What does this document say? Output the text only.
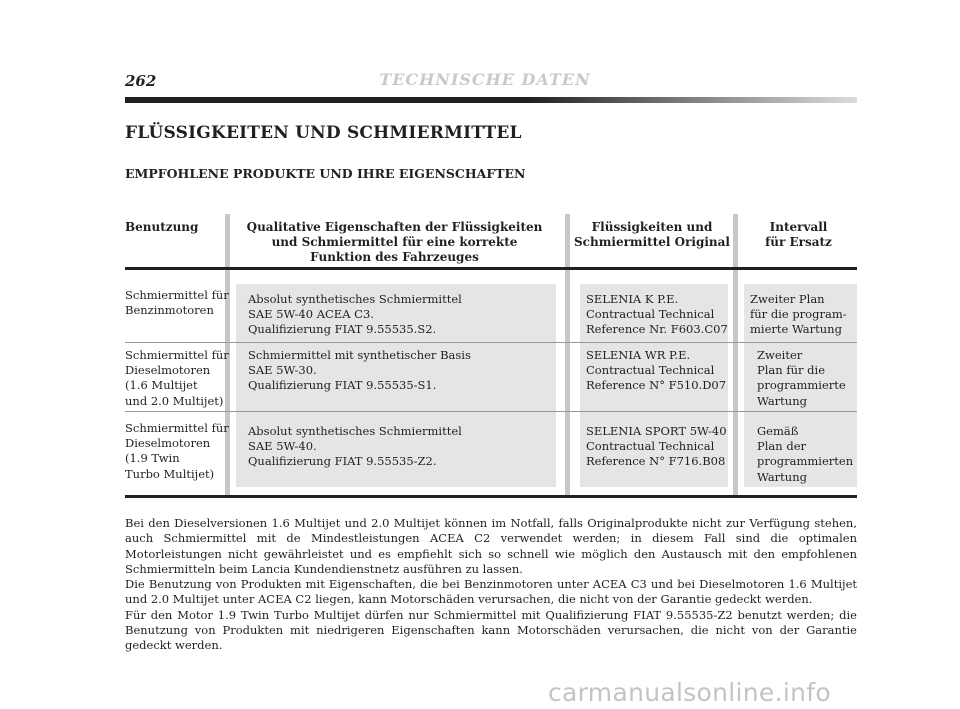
262	TECHNISCHE DATEN
FLÜSSIGKEITEN UND SCHMIERMITTEL
EMPFOHLENE PRODUKTE UND IHRE EIGENSCHAFTEN
Benutzung	Qualitative Eigenschaften der Flüssigkeiten
und Schmiermittel für eine korrekte
Funktion des Fahrzeuges
Flüssigkeiten und
Schmiermittel Original
Intervall
für Ersatz
Schmiermittel für
Benzinmotoren
Absolut synthetisches Schmiermittel
SAE 5W-40 ACEA C3.
Qualifizierung FIAT 9.55535.S2.
SELENIA K P.E.
Contractual Technical
Reference Nr. F603.C07
Zweiter Plan
für die program-
mierte Wartung
Schmiermittel für
Dieselmotoren
(1.6 Multijet
und 2.0 Multijet)
Schmiermittel mit synthetischer Basis
SAE 5W-30.
Qualifizierung FIAT 9.55535-S1.
SELENIA WR P.E.
Contractual Technical
Reference N° F510.D07
Zweiter
Plan für die
programmierte
Wartung
Schmiermittel für
Dieselmotoren
(1.9 Twin
Turbo Multijet)
Absolut synthetisches Schmiermittel
SAE 5W-40.
Qualifizierung FIAT 9.55535-Z2.
SELENIA SPORT 5W-40
Contractual Technical
Reference N° F716.B08
Gemäß
Plan der
programmierten
Wartung

Bei den Dieselversionen 1.6 Multijet und 2.0 Multijet können im Notfall, falls Originalprodukte nicht zur Verfügung stehen, auch Schmiermittel mit de Mindestleistungen ACEA C2 verwendet werden; in diesem Fall sind die optimalen Motorleistungen nicht gewährleistet und es empfiehlt sich so schnell wie möglich den Austausch mit den empfohlenen Schmiermitteln beim Lancia Kundendienstnetz ausführen zu lassen.

Die Benutzung von Produkten mit Eigenschaften, die bei Benzinmotoren unter ACEA C3 und bei Dieselmotoren 1.6 Multijet und 2.0 Multijet unter ACEA C2 liegen, kann Motorschäden verursachen, die nicht von der Garantie gedeckt werden.

Für den Motor 1.9 Twin Turbo Multijet dürfen nur Schmiermittel mit Qualifizierung FIAT 9.55535-Z2 benutzt werden; die Benutzung von Produkten mit niedrigeren Eigenschaften kann Motorschäden verursachen, die nicht von der Garantie gedeckt werden.

carmanualsonline.info
